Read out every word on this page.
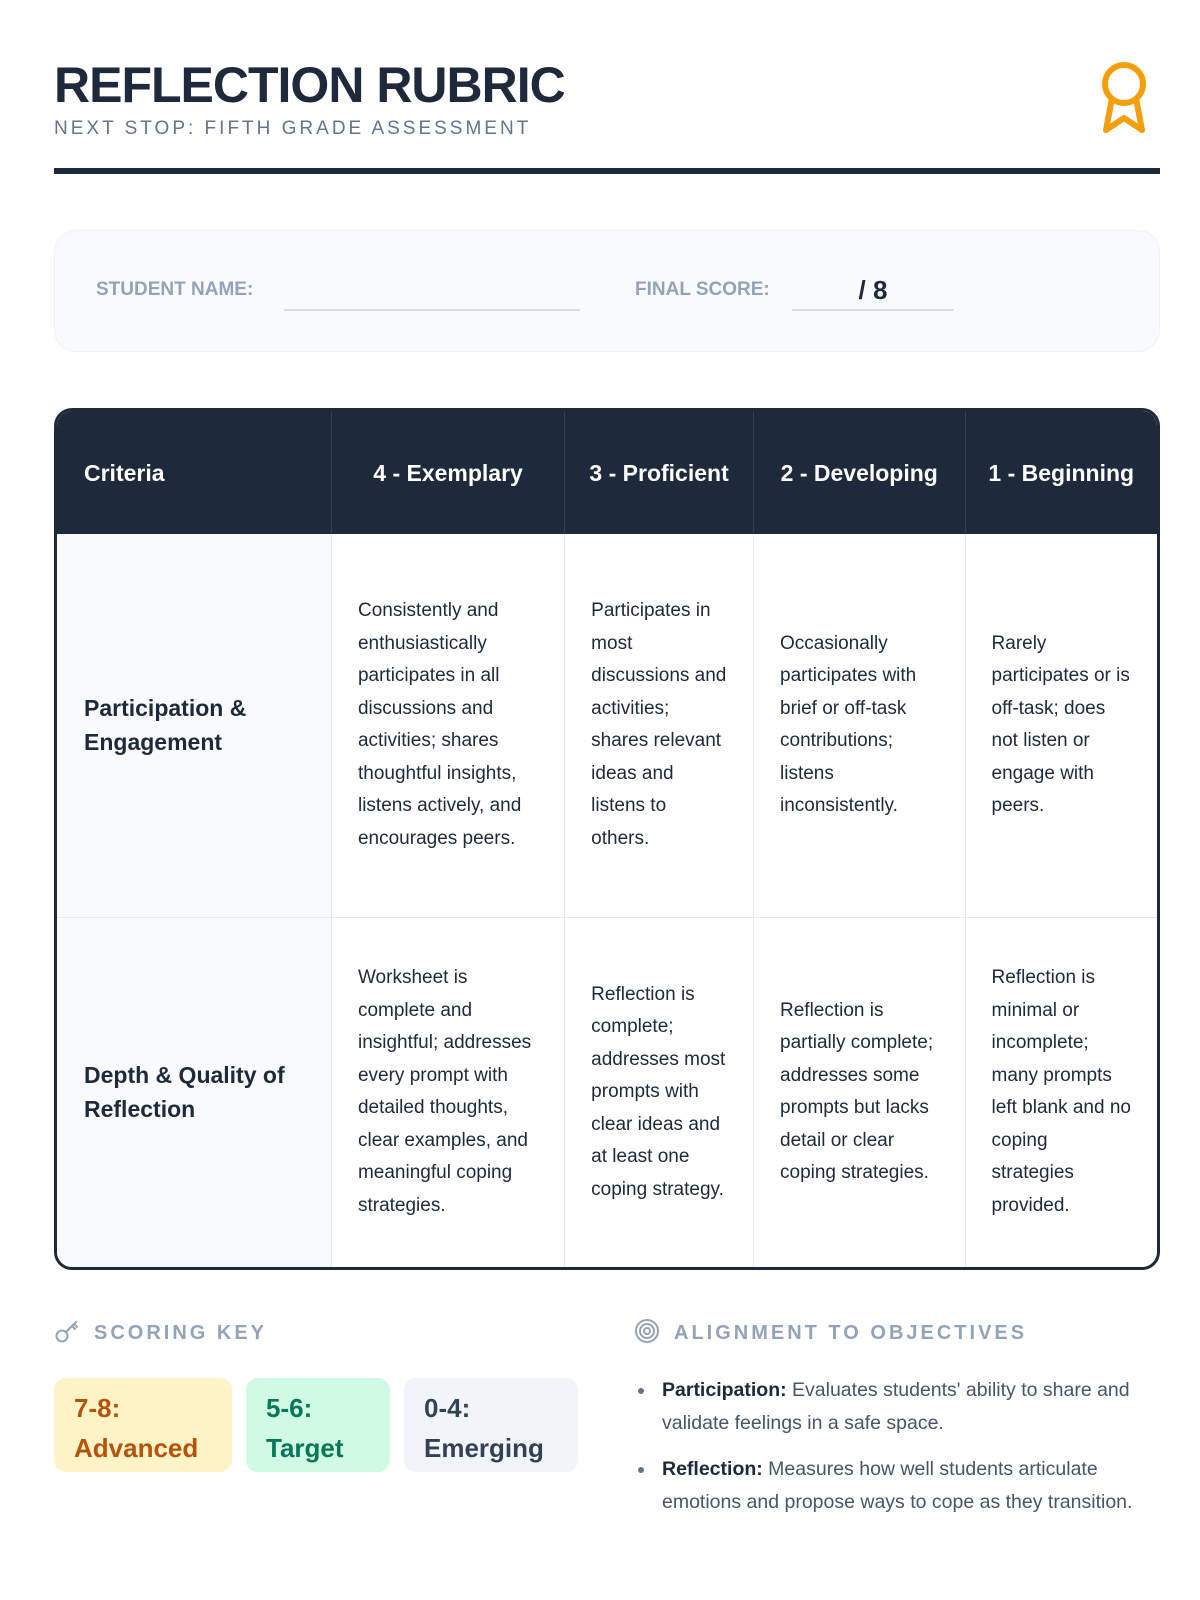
REFLECTION RUBRIC
NEXT STOP: FIFTH GRADE ASSESSMENT
STUDENT NAME:	FINAL SCORE:	/ 8
Criteria	4 - Exemplary	3 - Proficient	2 - Developing	1 - Beginning
Participation & Engagement	Consistently and enthusiastically participates in all discussions and activities; shares thoughtful insights, listens actively, and encourages peers.	Participates in most discussions and activities; shares relevant ideas and listens to others.	Occasionally participates with brief or off-task contributions; listens inconsistently.	Rarely participates or is off-task; does not listen or engage with peers.
Depth & Quality of Reflection	Worksheet is complete and insightful; addresses every prompt with detailed thoughts, clear examples, and meaningful coping strategies.	Reflection is complete; addresses most prompts with clear ideas and at least one coping strategy.	Reflection is partially complete; addresses some prompts but lacks detail or clear coping strategies.	Reflection is minimal or incomplete; many prompts left blank and no coping strategies provided.
SCORING KEY
7-8:
Advanced
5-6:
Target
0-4:
Emerging
ALIGNMENT TO OBJECTIVES
Participation: Evaluates students' ability to share and validate feelings in a safe space.
Reflection: Measures how well students articulate emotions and propose ways to cope as they transition.
